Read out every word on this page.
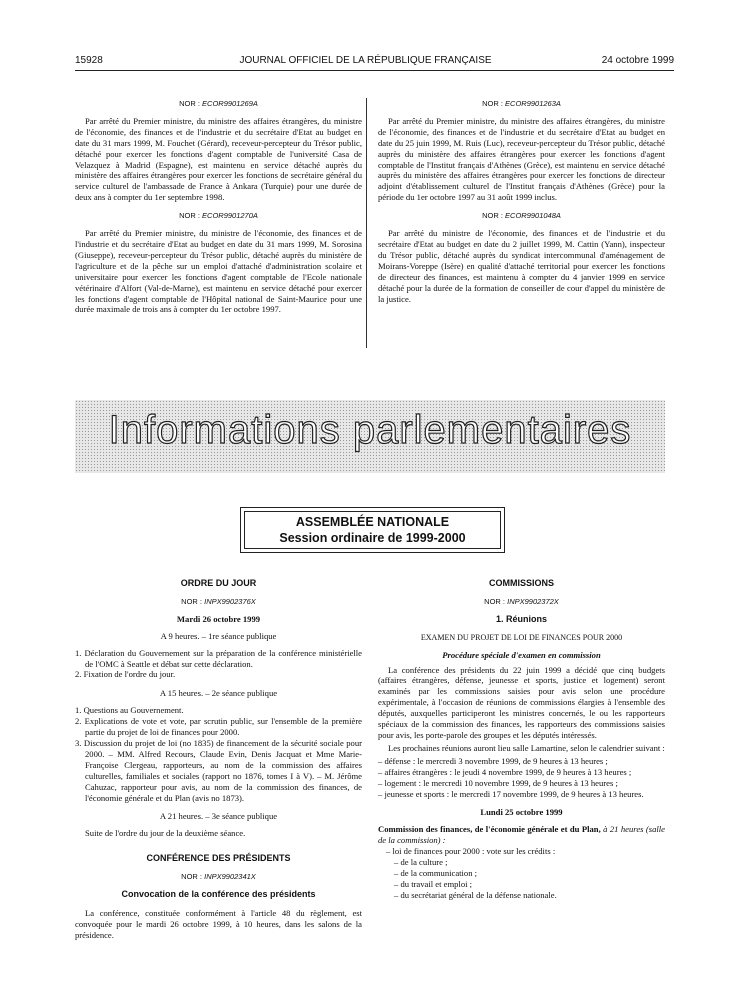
15928	JOURNAL OFFICIEL DE LA RÉPUBLIQUE FRANÇAISE	24 octobre 1999
NOR : ECOR9901269A

Par arrêté du Premier ministre, du ministre des affaires étrangères, du ministre de l'économie, des finances et de l'industrie et du secrétaire d'Etat au budget en date du 31 mars 1999, M. Fouchet (Gérard), receveur-percepteur du Trésor public, détaché pour exercer les fonctions d'agent comptable de l'université Casa de Velazquez à Madrid (Espagne), est maintenu en service détaché auprès du ministère des affaires étrangères pour exercer les fonctions de secrétaire général du service culturel de l'ambassade de France à Ankara (Turquie) pour une durée de deux ans à compter du 1er septembre 1998.

NOR : ECOR9901270A

Par arrêté du Premier ministre, du ministre de l'économie, des finances et de l'industrie et du secrétaire d'Etat au budget en date du 31 mars 1999, M. Sorosina (Giuseppe), receveur-percepteur du Trésor public, détaché auprès du ministère de l'agriculture et de la pêche sur un emploi d'attaché d'administration scolaire et universitaire pour exercer les fonctions d'agent comptable de l'Ecole nationale vétérinaire d'Alfort (Val-de-Marne), est maintenu en service détaché pour exercer les fonctions d'agent comptable de l'Hôpital national de Saint-Maurice pour une durée maximale de trois ans à compter du 1er octobre 1997.

NOR : ECOR9901263A

Par arrêté du Premier ministre, du ministre des affaires étrangères, du ministre de l'économie, des finances et de l'industrie et du secrétaire d'Etat au budget en date du 25 juin 1999, M. Ruis (Luc), receveur-percepteur du Trésor public, détaché auprès du ministère des affaires étrangères pour exercer les fonctions d'agent comptable de l'Institut français d'Athènes (Grèce), est maintenu en service détaché auprès du ministère des affaires étrangères pour exercer les fonctions de directeur adjoint d'établissement culturel de l'Institut français d'Athènes (Grèce) pour la période du 1er octobre 1997 au 31 août 1999 inclus.

NOR : ECOR9901048A

Par arrêté du ministre de l'économie, des finances et de l'industrie et du secrétaire d'Etat au budget en date du 2 juillet 1999, M. Cattin (Yann), inspecteur du Trésor public, détaché auprès du syndicat intercommunal d'aménagement de Moirans-Voreppe (Isère) en qualité d'attaché territorial pour exercer les fonctions de directeur des finances, est maintenu à compter du 4 janvier 1999 en service détaché pour la durée de la formation de conseiller de cour d'appel du ministère de la justice.

Informations parlementaires
ASSEMBLÉE NATIONALE
Session ordinaire de 1999-2000
ORDRE DU JOUR
NOR : INPX9902376X
Mardi 26 octobre 1999
A 9 heures. – 1re séance publique
1. Déclaration du Gouvernement sur la préparation de la conférence ministérielle de l'OMC à Seattle et débat sur cette déclaration.
2. Fixation de l'ordre du jour.
A 15 heures. – 2e séance publique
1. Questions au Gouvernement.
2. Explications de vote et vote, par scrutin public, sur l'ensemble de la première partie du projet de loi de finances pour 2000.
3. Discussion du projet de loi (no 1835) de financement de la sécurité sociale pour 2000. – MM. Alfred Recours, Claude Evin, Denis Jacquat et Mme Marie-Françoise Clergeau, rapporteurs, au nom de la commission des affaires culturelles, familiales et sociales (rapport no 1876, tomes I à V). – M. Jérôme Cahuzac, rapporteur pour avis, au nom de la commission des finances, de l'économie générale et du Plan (avis no 1873).
A 21 heures. – 3e séance publique

Suite de l'ordre du jour de la deuxième séance.

CONFÉRENCE DES PRÉSIDENTS
NOR : INPX9902341X
Convocation de la conférence des présidents

La conférence, constituée conformément à l'article 48 du règlement, est convoquée pour le mardi 26 octobre 1999, à 10 heures, dans les salons de la présidence.

COMMISSIONS
NOR : INPX9902372X
1. Réunions
EXAMEN DU PROJET DE LOI DE FINANCES POUR 2000
Procédure spéciale d'examen en commission

La conférence des présidents du 22 juin 1999 a décidé que cinq budgets (affaires étrangères, défense, jeunesse et sports, justice et logement) seront examinés par les commissions saisies pour avis selon une procédure expérimentale, à l'occasion de réunions de commissions élargies à l'ensemble des députés, auxquelles participeront les ministres concernés, le ou les rapporteurs spéciaux de la commission des finances, les rapporteurs des commissions saisies pour avis, les porte-parole des groupes et les députés intéressés.

Les prochaines réunions auront lieu salle Lamartine, selon le calendrier suivant :

– défense : le mercredi 3 novembre 1999, de 9 heures à 13 heures ;
– affaires étrangères : le jeudi 4 novembre 1999, de 9 heures à 13 heures ;
– logement : le mercredi 10 novembre 1999, de 9 heures à 13 heures ;
– jeunesse et sports : le mercredi 17 novembre 1999, de 9 heures à 13 heures.
Lundi 25 octobre 1999

Commission des finances, de l'économie générale et du Plan, à 21 heures (salle de la commission) :

– loi de finances pour 2000 : vote sur les crédits :
– de la culture ;
– de la communication ;
– du travail et emploi ;
– du secrétariat général de la défense nationale.
